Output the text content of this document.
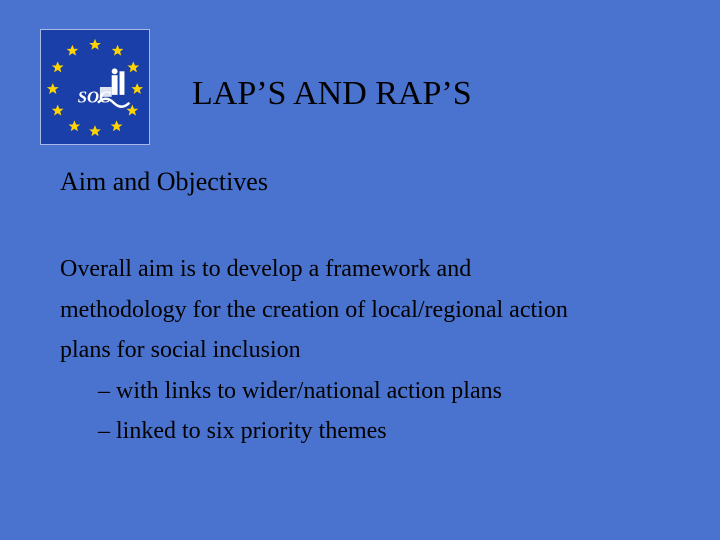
SOC LAP’S AND RAP’S
Aim and Objectives
Overall aim is to develop a framework and
methodology for the creation of local/regional action
plans for social inclusion
– with links to wider/national action plans
– linked to six priority themes
